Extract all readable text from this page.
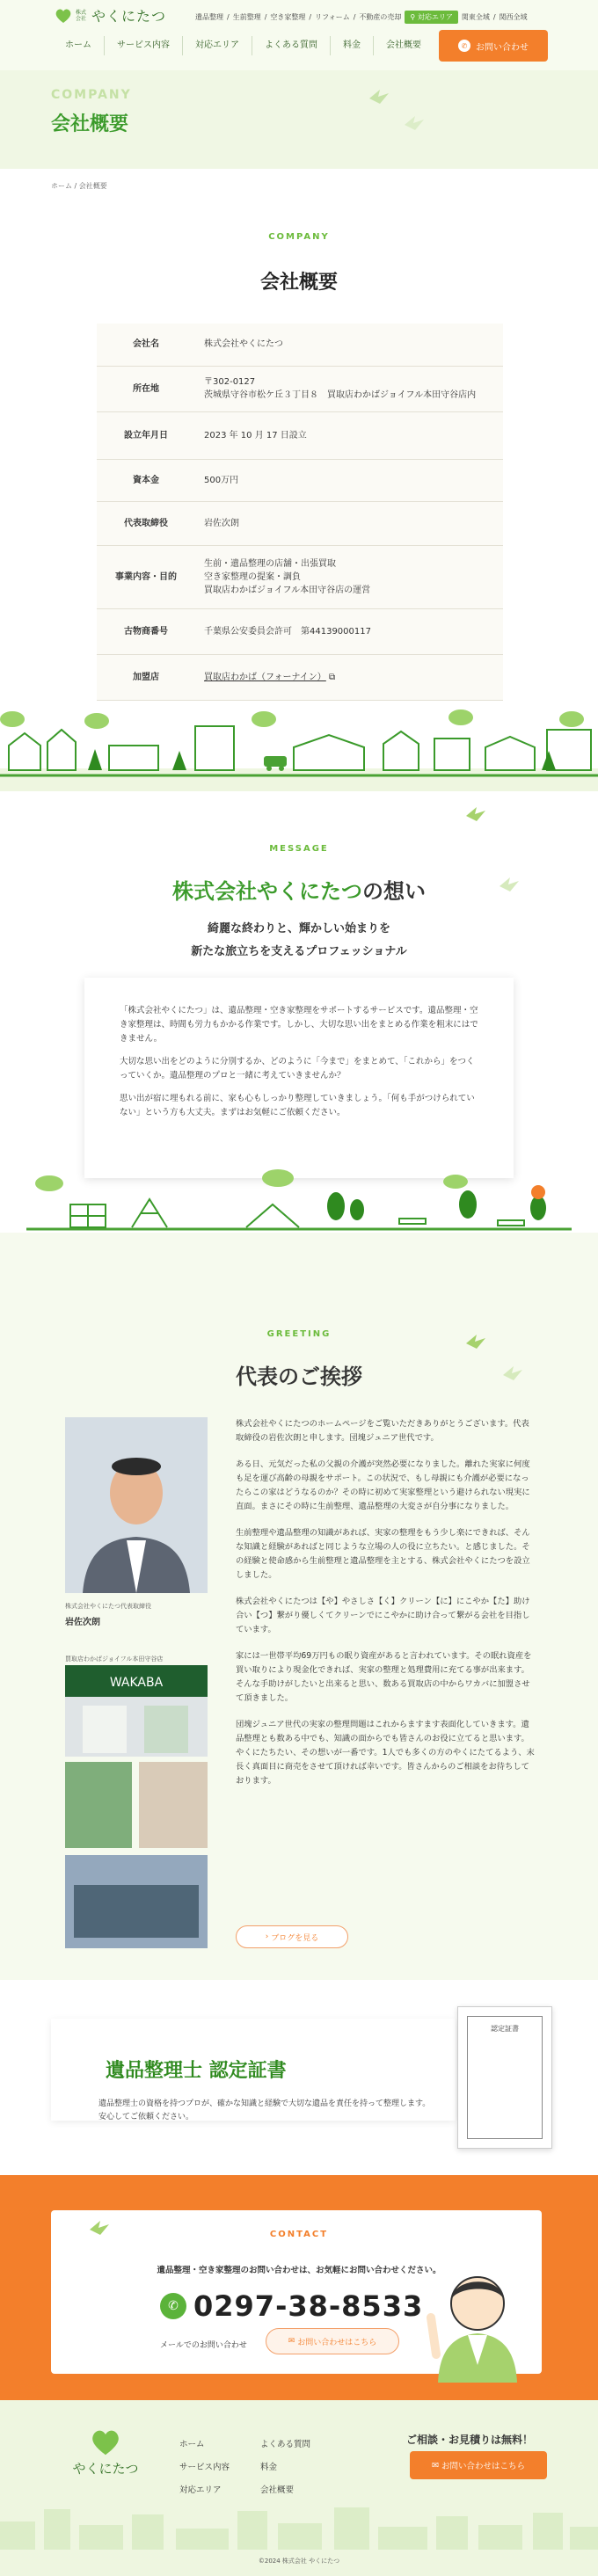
株式会社 やくにたつ	遺品整理 / 生前整理 / 空き家整理 / リフォーム / 不動産の売却	⚲ 対応エリア	関東全域 / 関西全域
ホーム	サービス内容	対応エリア	よくある質問	料金	会社概要	✆ お問い合わせ
COMPANY
会社概要
ホーム / 会社概要
COMPANY
会社概要
会社名	株式会社やくにたつ
所在地	〒302-0127
茨城県守谷市松ケ丘３丁目８　買取店わかばジョイフル本田守谷店内

設立年月日	2023 年 10 月 17 日設立
資本金	500万円
代表取締役	岩佐次朗
事業内容・目的	生前・遺品整理の店舗・出張買取
空き家整理の提案・調負
買取店わかばジョイフル本田守谷店の運営

古物商番号	千葉県公安委員会許可　第44139000117
加盟店	買取店わかば（フォーナイン） ⧉
MESSAGE
株式会社やくにたつの想い
綺麗な終わりと、輝かしい始まりを
新たな旅立ちを支えるプロフェッショナル

「株式会社やくにたつ」は、遺品整理・空き家整理をサポートするサービスです。遺品整理・空き家整理は、時間も労力もかかる作業です。しかし、大切な思い出をまとめる作業を粗末にはできません。

大切な思い出をどのように分別するか、どのように「今まで」をまとめて、「これから」をつくっていくか。遺品整理のプロと一緒に考えていきませんか？

思い出が宿に埋もれる前に、家も心もしっかり整理していきましょう。「何も手がつけられていない」という方も大丈夫。まずはお気軽にご依頼ください。

GREETING
代表のご挨拶
株式会社やくにたつ代表取締役
岩佐次朗
買取店わかばジョイフル本田守谷店
WAKABA

株式会社やくにたつのホームページをご覧いただきありがとうございます。代表取締役の岩佐次朗と申します。団塊ジュニア世代です。

ある日、元気だった私の父親の介護が突然必要になりました。離れた実家に何度も足を運び高齢の母親をサポート。この状況で、もし母親にも介護が必要になったらこの家はどうなるのか？その時に初めて実家整理という避けられない現実に直面。まさにその時に生前整理、遺品整理の大変さが自分事になりました。

生前整理や遺品整理の知識があれば、実家の整理をもう少し楽にできれば、そんな知識と経験があればと同じような立場の人の役に立ちたい。と感じました。その経験と使命感から生前整理と遺品整理を主とする、株式会社やくにたつを設立しました。

株式会社やくにたつは【や】やさしさ【く】クリーン【に】にこやか【た】助け合い【つ】繋がり優しくてクリーンでにこやかに助け合って繋がる会社を目指しています。

家には一世帯平均69万円もの眠り資産があると言われています。その眠れ資産を買い取りにより現金化できれば、実家の整理と処理費用に充てる事が出来ます。そんな手助けがしたいと出来ると思い、数ある買取店の中からワカバに加盟させて頂きました。

団塊ジュニア世代の実家の整理問題はこれからますます表面化していきます。遺品整理とも数ある中でも、知識の面からでも皆さんのお役に立てると思います。やくにたちたい、その想いが一番です。1人でも多くの方のやくにたてるよう、末長く真面目に商売をさせて頂ければ幸いです。皆さんからのご相談をお待ちしております。

› ブログを見る
遺品整理士 認定証書
遺品整理士の資格を持つプロが、確かな知識と経験で大切な遺品を責任を持って整理します。安心してご依頼ください。
認定証書
CONTACT
遺品整理・空き家整理のお問い合わせは、お気軽にお問い合わせください。
✆ 0297-38-8533
メールでのお問い合わせ	✉ お問い合わせはこちら
やくにたつ
ホーム
サービス内容
対応エリア
よくある質問
料金
会社概要
ご相談・お見積りは無料！
✉ お問い合わせはこちら
©2024 株式会社 やくにたつ
